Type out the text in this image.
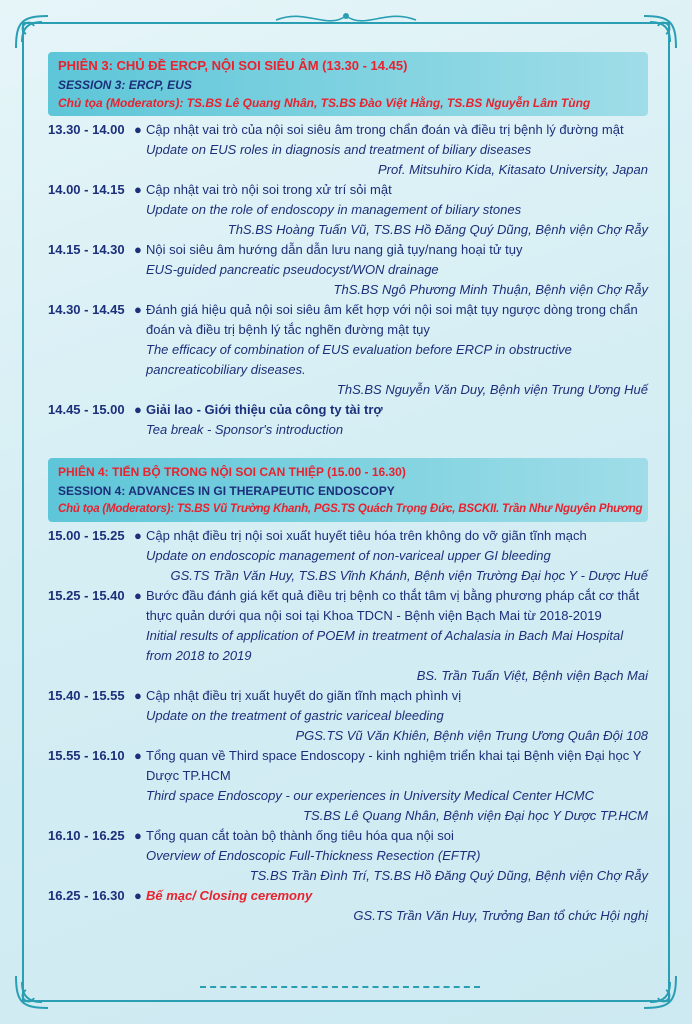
PHIÊN 3: CHỦ ĐỀ ERCP, NỘI SOI SIÊU ÂM (13.30 - 14.45)
SESSION 3: ERCP, EUS
Chủ tọa (Moderators): TS.BS Lê Quang Nhân, TS.BS Đào Việt Hằng, TS.BS Nguyễn Lâm Tùng
13.30 - 14.00 ● Cập nhật vai trò của nội soi siêu âm trong chẩn đoán và điều trị bệnh lý đường mật
Update on EUS roles in diagnosis and treatment of biliary diseases
Prof. Mitsuhiro Kida, Kitasato University, Japan
14.00 - 14.15 ● Cập nhật vai trò nội soi trong xử trí sỏi mật
Update on the role of endoscopy in management of biliary stones
ThS.BS Hoàng Tuấn Vũ, TS.BS Hồ Đăng Quý Dũng, Bệnh viện Chợ Rẫy
14.15 - 14.30 ● Nội soi siêu âm hướng dẫn dẫn lưu nang giả tụy/nang hoại tử tụy
EUS-guided pancreatic pseudocyst/WON drainage
ThS.BS Ngô Phương Minh Thuận, Bệnh viện Chợ Rẫy
14.30 - 14.45 ● Đánh giá hiệu quả nội soi siêu âm kết hợp với nội soi mật tụy ngược dòng trong chẩn đoán và điều trị bệnh lý tắc nghẽn đường mật tụy
The efficacy of combination of EUS evaluation before ERCP in obstructive pancreaticobiliary diseases.
ThS.BS Nguyễn Văn Duy, Bệnh viện Trung Ương Huế
14.45 - 15.00 ● Giải lao - Giới thiệu của công ty tài trợ
Tea break - Sponsor's introduction
PHIÊN 4: TIẾN BỘ TRONG NỘI SOI CAN THIỆP (15.00 - 16.30)
SESSION 4: ADVANCES IN GI THERAPEUTIC ENDOSCOPY
Chủ tọa (Moderators): TS.BS Vũ Trường Khanh, PGS.TS Quách Trọng Đức, BSCKII. Trần Như Nguyên Phương
15.00 - 15.25 ● Cập nhật điều trị nội soi xuất huyết tiêu hóa trên không do vỡ giãn tĩnh mạch
Update on endoscopic management of non-variceal upper GI bleeding
GS.TS Trần Văn Huy, TS.BS Vĩnh Khánh, Bệnh viện Trường Đại học Y - Dược Huế
15.25 - 15.40 ● Bước đầu đánh giá kết quả điều trị bệnh co thắt tâm vị bằng phương pháp cắt cơ thắt thực quản dưới qua nội soi tại Khoa TDCN - Bệnh viện Bạch Mai từ 2018-2019
Initial results of application of POEM in treatment of Achalasia in Bach Mai Hospital from 2018 to 2019
BS. Trần Tuấn Việt, Bệnh viện Bạch Mai
15.40 - 15.55 ● Cập nhật điều trị xuất huyết do giãn tĩnh mạch phình vị
Update on the treatment of gastric variceal bleeding
PGS.TS Vũ Văn Khiên, Bệnh viện Trung Ương Quân Đội 108
15.55 - 16.10 ● Tổng quan về Third space Endoscopy - kinh nghiệm triển khai tại Bệnh viện Đại học Y Dược TP.HCM
Third space Endoscopy - our experiences in University Medical Center HCMC
TS.BS Lê Quang Nhân, Bệnh viện Đại học Y Dược TP.HCM
16.10 - 16.25 ● Tổng quan cắt toàn bộ thành ống tiêu hóa qua nội soi
Overview of Endoscopic Full-Thickness Resection (EFTR)
TS.BS Trần Đình Trí, TS.BS Hồ Đăng Quý Dũng, Bệnh viện Chợ Rẫy
16.25 - 16.30 ● Bế mạc/ Closing ceremony
GS.TS Trần Văn Huy, Trưởng Ban tổ chức Hội nghị
